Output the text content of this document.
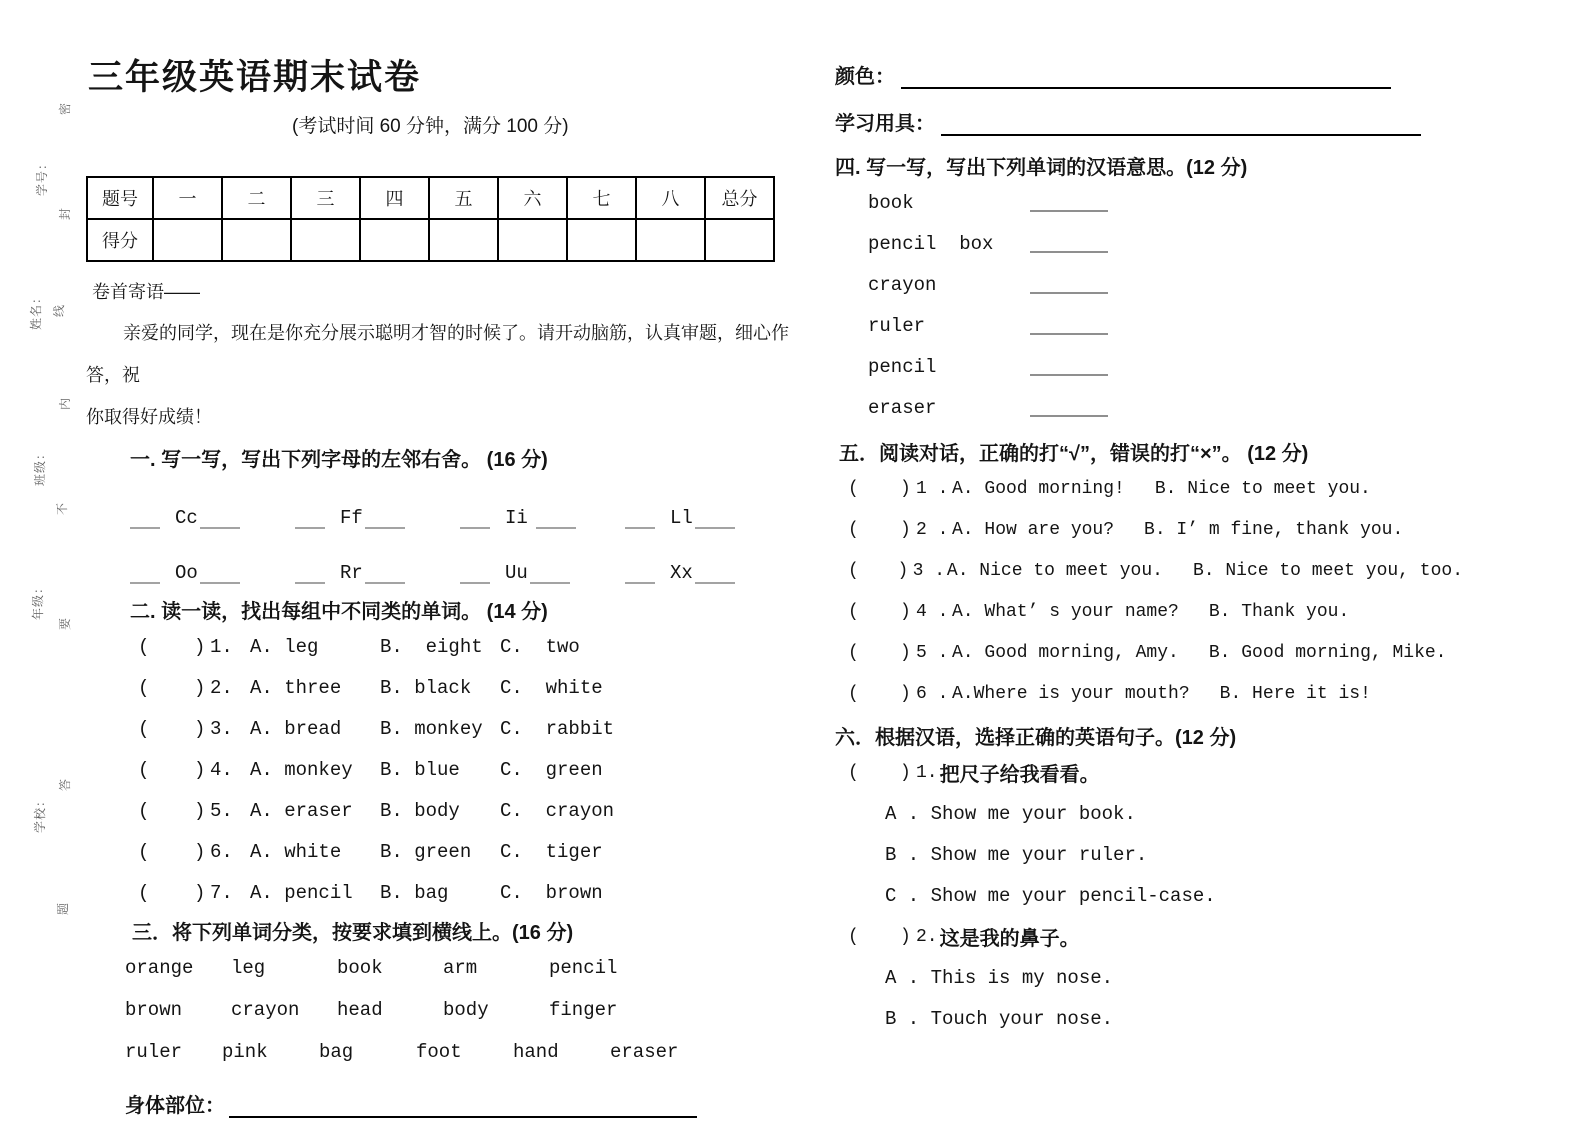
密
学号：
封
姓名： 线
内
班级：
不
年级：
要
答
学校：
题
三年级英语期末试卷
(考试时间 60 分钟，满分 100 分)
题号	一	二	三	四	五	六	七	八	总分
得分									
卷首寄语——
亲爱的同学，现在是你充分展示聪明才智的时候了。请开动脑筋，认真审题，细心作答，祝
你取得好成绩！
一. 写一写，写出下列字母的左邻右舍。 (16 分)
Cc	Ff	Ii	Ll
Oo	Rr	Uu	Xx
二. 读一读，找出每组中不同类的单词。 (14 分)
(	) 1. A. leg	B.  eight C.  two
(	) 2. A. three	B. black	C.  white
(	) 3. A. bread	B. monkey C.  rabbit
(	) 4. A. monkey	B. blue	C.  green
(	) 5. A. eraser	B. body	C.  crayon
(	) 6. A. white	B. green	C.  tiger
(	) 7. A. pencil	B. bag	C.  brown
三．将下列单词分类，按要求填到横线上。(16 分)
orange	leg	book	arm	pencil
brown	crayon	head	body	finger
ruler	pink	bag	foot	hand	eraser
身体部位：
颜色：
学习用具：
四. 写一写，写出下列单词的汉语意思。(12 分)
book
pencil  box
crayon
ruler
pencil
eraser
五．阅读对话，正确的打“√”，错误的打“×”。 (12 分)
(	) 1 . A. Good morning! B. Nice to meet you.
(	) 2 . A. How are you? B. I’ m fine, thank you.
(	) 3 . A. Nice to meet you. B. Nice to meet you, too.
(	) 4 . A. What’ s your name? B. Thank you.
(	) 5 . A. Good morning, Amy. B. Good morning, Mike.
(	) 6 . A.Where is your mouth? B. Here it is!
六．根据汉语，选择正确的英语句子。(12 分)
(	) 1. 把尺子给我看看。
A . Show me your book.
B . Show me your ruler.
C . Show me your pencil-case.
(	) 2. 这是我的鼻子。
A . This is my nose.
B . Touch your nose.
